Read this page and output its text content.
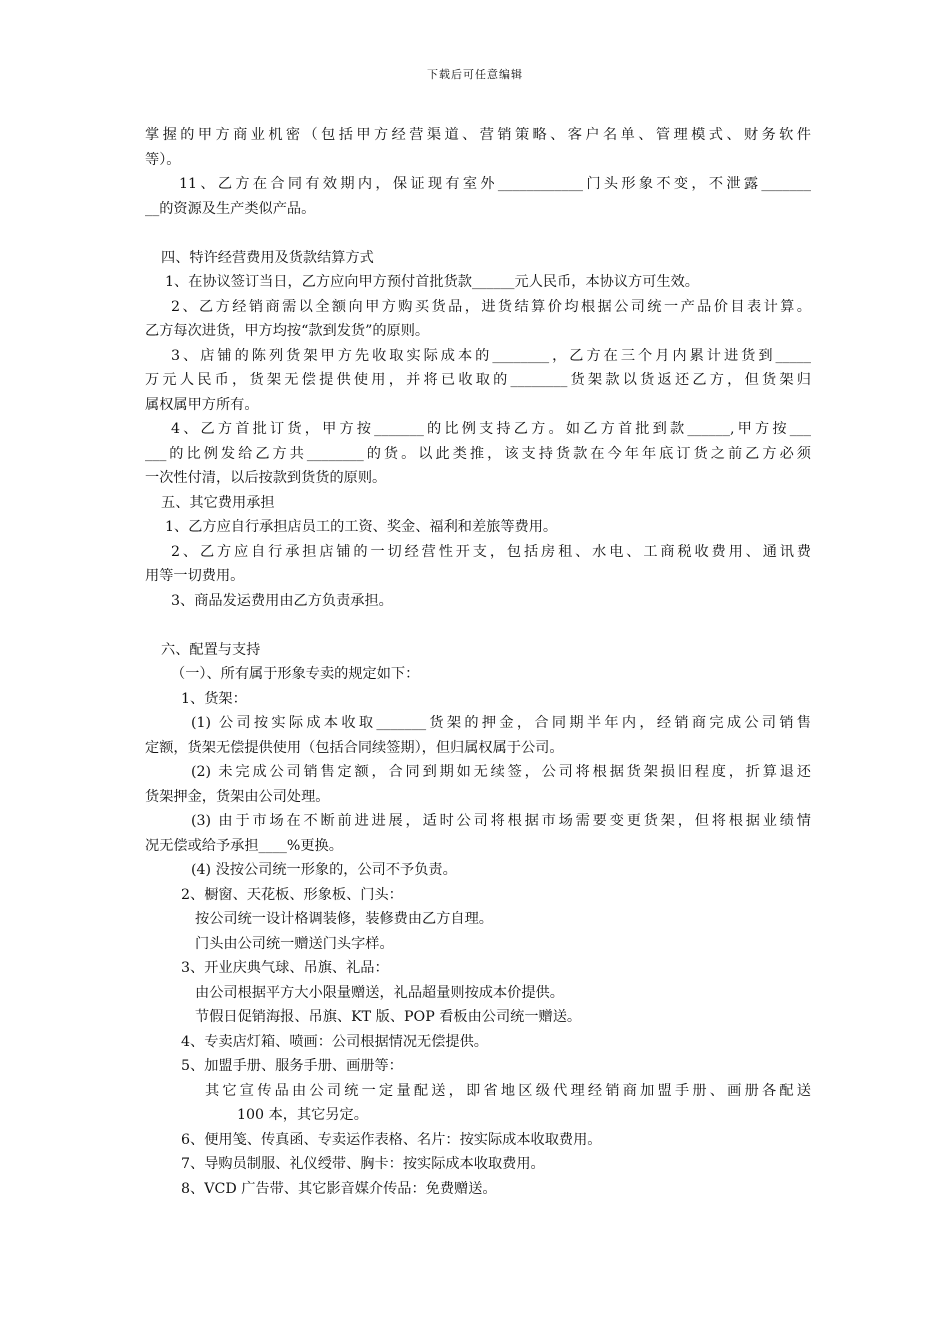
下载后可任意编辑
掌握的甲方商业机密（包括甲方经营渠道、营销策略、客户名单、管理模式、财务软件
等）。
11、乙方在合同有效期内，保证现有室外____________门头形象不变，不泄露_______
__的资源及生产类似产品。
四、特许经营费用及货款结算方式
1、在协议签订当日，乙方应向甲方预付首批货款______元人民币，本协议方可生效。
2、乙方经销商需以全额向甲方购买货品，进货结算价均根据公司统一产品价目表计算。
乙方每次进货，甲方均按“款到发货”的原则。
3、店铺的陈列货架甲方先收取实际成本的________，乙方在三个月内累计进货到_____
万元人民币，货架无偿提供使用，并将已收取的________货架款以货返还乙方，但货架归
属权属甲方所有。
4、乙方首批订货，甲方按_______的比例支持乙方。如乙方首批到款______,甲方按___
___的比例发给乙方共________的货。以此类推，该支持货款在今年年底订货之前乙方必须
一次性付清，以后按款到货货的原则。
五、其它费用承担
1、乙方应自行承担店员工的工资、奖金、福利和差旅等费用。
2、乙方应自行承担店铺的一切经营性开支，包括房租、水电、工商税收费用、通讯费
用等一切费用。
3、商品发运费用由乙方负责承担。
六、配置与支持
（一）、所有属于形象专卖的规定如下：
1、货架：
(1) 公司按实际成本收取_______货架的押金，合同期半年内，经销商完成公司销售
定额，货架无偿提供使用（包括合同续签期），但归属权属于公司。
(2) 未完成公司销售定额，合同到期如无续签，公司将根据货架损旧程度，折算退还
货架押金，货架由公司处理。
(3) 由于市场在不断前进进展，适时公司将根据市场需要变更货架，但将根据业绩情
况无偿或给予承担____%更换。
(4) 没按公司统一形象的，公司不予负责。
2、橱窗、天花板、形象板、门头：
按公司统一设计格调装修，装修费由乙方自理。
门头由公司统一赠送门头字样。
3、开业庆典气球、吊旗、礼品：
由公司根据平方大小限量赠送，礼品超量则按成本价提供。
节假日促销海报、吊旗、KT 版、POP 看板由公司统一赠送。
4、专卖店灯箱、喷画：公司根据情况无偿提供。
5、加盟手册、服务手册、画册等：
其它宣传品由公司统一定量配送，即省地区级代理经销商加盟手册、画册各配送
100 本，其它另定。
6、便用笺、传真函、专卖运作表格、名片：按实际成本收取费用。
7、导购员制服、礼仪绶带、胸卡：按实际成本收取费用。
8、VCD 广告带、其它影音媒介传品：免费赠送。
